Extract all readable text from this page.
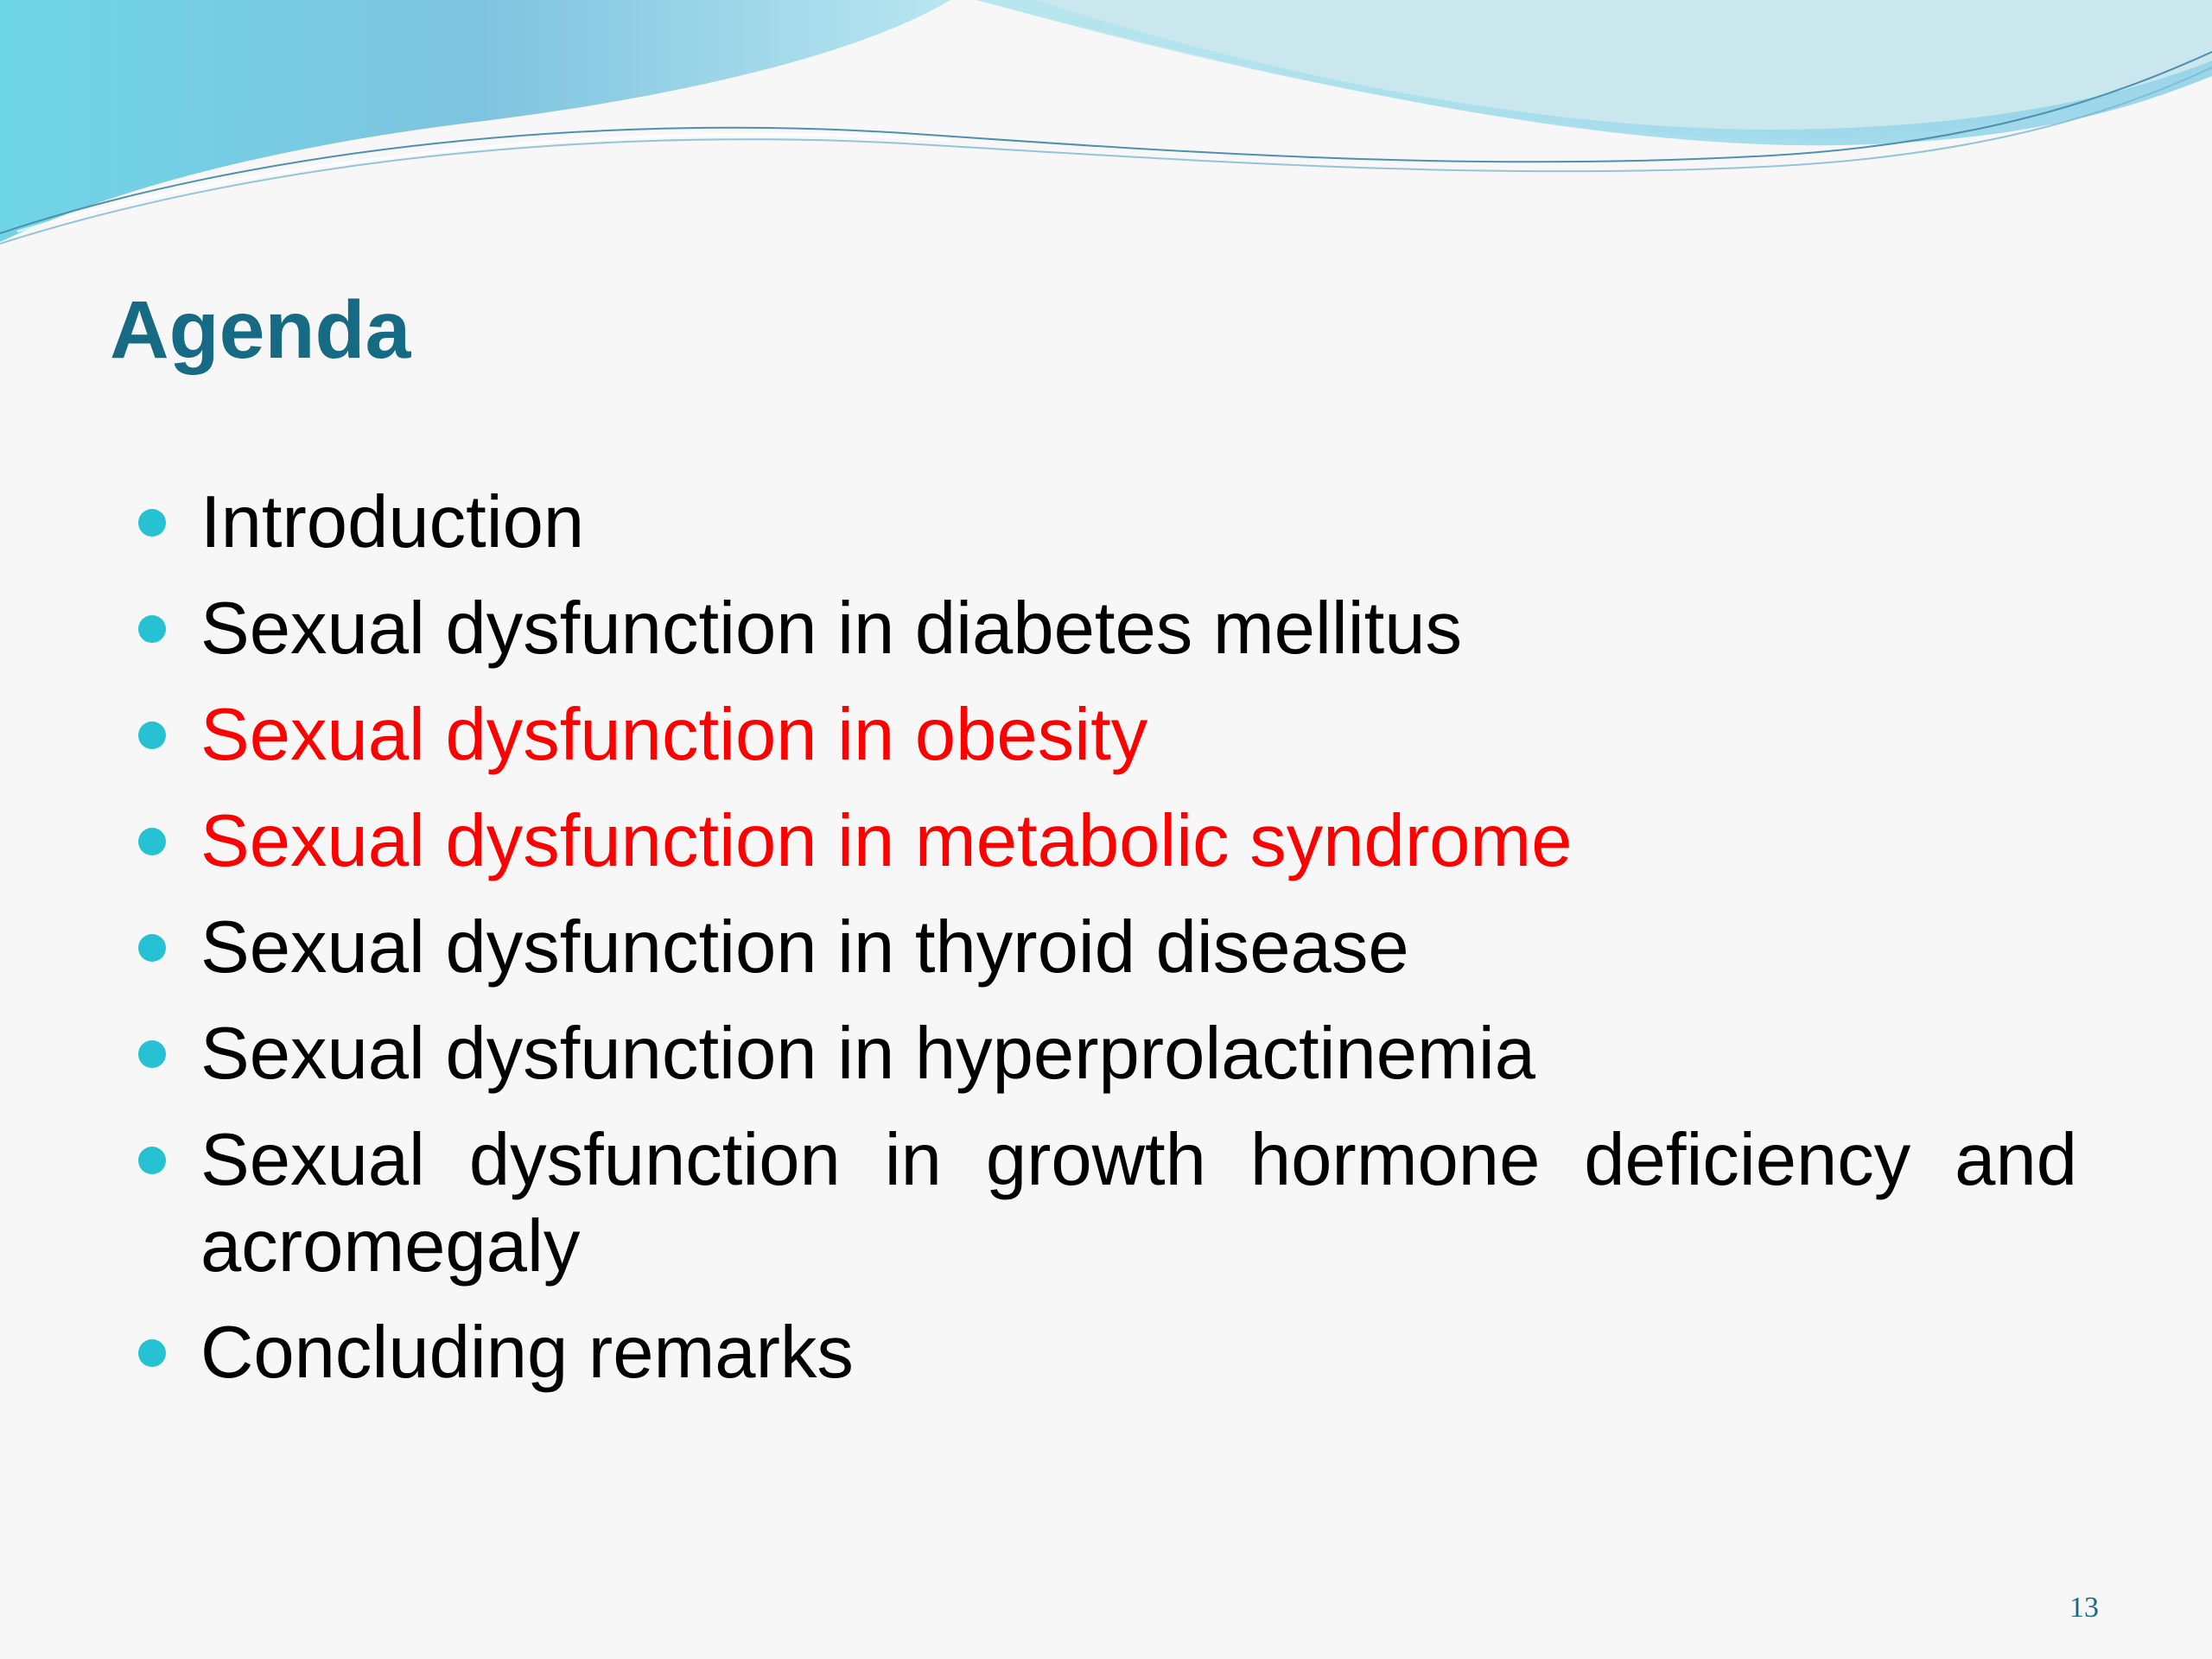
Agenda
Introduction
Sexual dysfunction in diabetes mellitus
Sexual dysfunction in obesity
Sexual dysfunction in metabolic syndrome
Sexual dysfunction in thyroid disease
Sexual dysfunction in hyperprolactinemia
Sexual dysfunction in growth hormone deficiency and acromegaly
Concluding remarks
13
